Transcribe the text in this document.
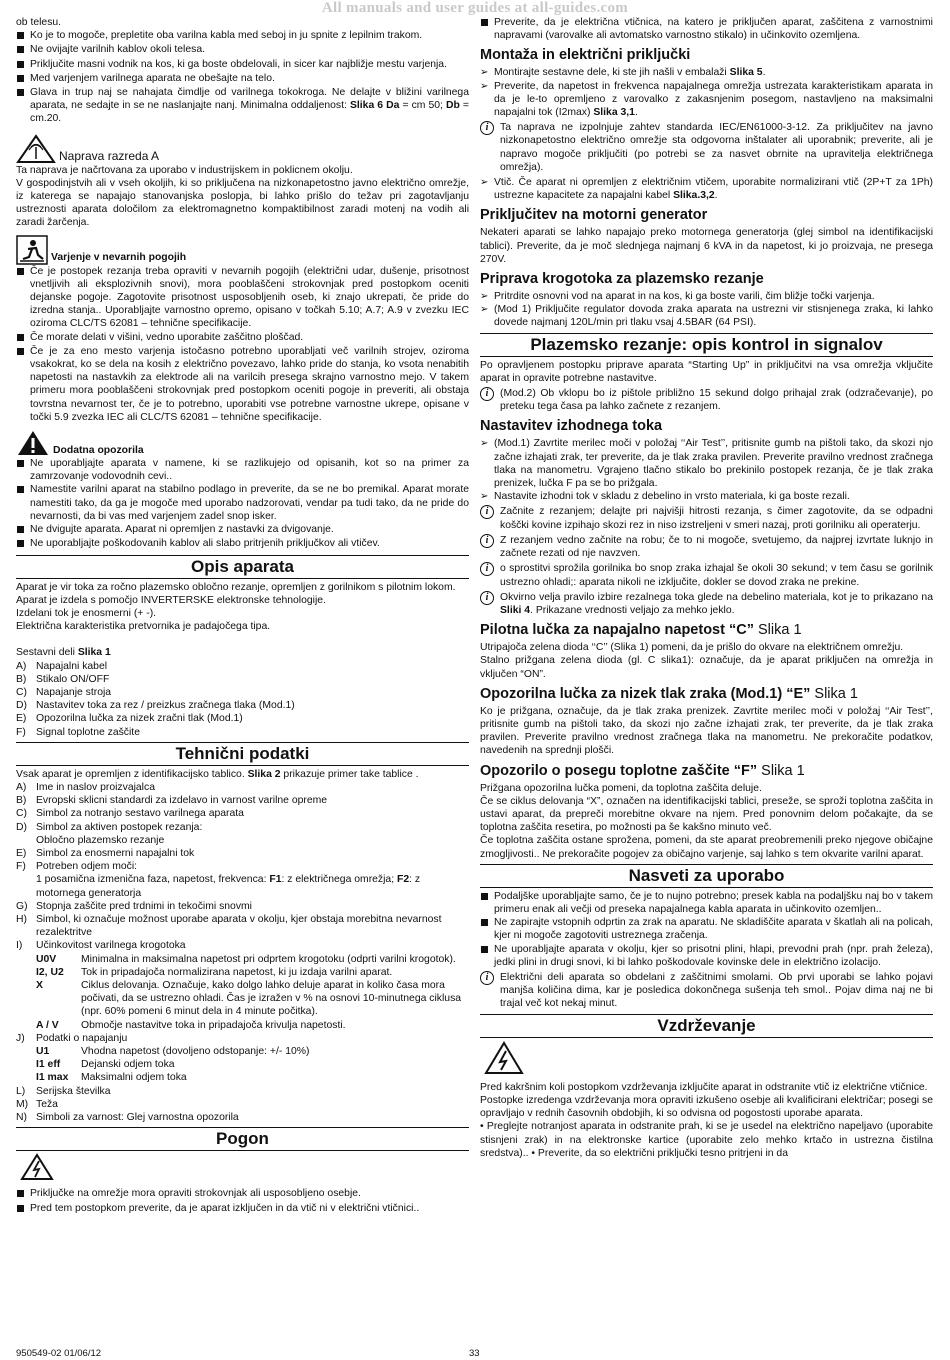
All manuals and user guides at all-guides.com
ob telesu.
Ko je to mogoče, prepletite oba varilna kabla med seboj in ju spnite z lepilnim trakom.
Ne ovijajte varilnih kablov okoli telesa.
Priključite masni vodnik na kos, ki ga boste obdelovali, in sicer kar najbližje mestu varjenja.
Med varjenjem varilnega aparata ne obešajte na telo.
Glava in trup naj se nahajata čimdlje od varilnega tokokroga. Ne delajte v bližini varilnega aparata, ne sedajte in se ne naslanjajte nanj. Minimalna oddaljenost: Slika 6 Da = cm 50; Db = cm.20.
Naprava razreda A
Ta naprava je načrtovana za uporabo v industrijskem in poklicnem okolju.
V gospodinjstvih ali v vseh okoljih, ki so priključena na nizkonapetostno javno električno omrežje, iz katerega se napajajo stanovanjska poslopja, bi lahko prišlo do težav pri zagotavljanju ustreznosti aparata določilom za elektromagnetno kompaktibilnost zaradi motenj na vodih ali zaradi žarčenja.
Varjenje v nevarnih pogojih
Če je postopek rezanja treba opraviti v nevarnih pogojih (električni udar, dušenje, prisotnost vnetljivih ali eksplozivnih snovi), mora pooblaščeni strokovnjak pred postopkom oceniti dejanske pogoje. Zagotovite prisotnost usposobljenih oseb, ki znajo ukrepati, če pride do izredna stanja.. Uporabljajte varnostno opremo, opisano v točkah 5.10; A.7; A.9 v zvezku IEC oziroma CLC/TS 62081 – tehnične specifikacije.
Če morate delati v višini, vedno uporabite zaščitno ploščad.
Če je za eno mesto varjenja istočasno potrebno uporabljati več varilnih strojev, oziroma vsakokrat, ko se dela na kosih z električno povezavo, lahko pride do stanja, ko vsota nenabitih napetosti na nastavkih za elektrode ali na varilcih presega skrajno varnostno mejo. V takem primeru mora pooblaščeni strokovnjak pred postopkom oceniti pogoje in preveriti, ali obstaja tovrstna nevarnost ter, če je to potrebno, uporabiti vse potrebne varnostne ukrepe, opisane v točki 5.9 zvezka IEC ali CLC/TS 62081 – tehnične specifikacije.
Dodatna opozorila
Ne uporabljajte aparata v namene, ki se razlikujejo od opisanih, kot so na primer za zamrzovanje vodovodnih cevi..
Namestite varilni aparat na stabilno podlago in preverite, da se ne bo premikal. Aparat morate namestiti tako, da ga je mogoče med uporabo nadzorovati, vendar pa tudi tako, da ne pride do nevarnosti, da bi vas med varjenjem zadel snop isker.
Ne dvigujte aparata. Aparat ni opremljen z nastavki za dvigovanje.
Ne uporabljajte poškodovanih kablov ali slabo pritrjenih priključkov ali vtičev.
Opis aparata
Aparat je vir toka za ročno plazemsko obločno rezanje, opremljen z gorilnikom s pilotnim lokom.
Aparat je izdela s pomočjo INVERTERSKE elektronske tehnologije.
Izdelani tok je enosmerni (+ -).
Električna karakteristika pretvornika je padajočega tipa.
Sestavni deli Slika 1
A) Napajalni kabel
B) Stikalo ON/OFF
C) Napajanje stroja
D) Nastavitev toka za rez / preizkus zračnega tlaka (Mod.1)
E) Opozorilna lučka za nizek zračni tlak (Mod.1)
F) Signal toplotne zaščite
Tehnični podatki
Vsak aparat je opremljen z identifikacijsko tablico. Slika 2 prikazuje primer take tablice .
A) Ime in naslov proizvajalca
B) Evropski sklicni standardi za izdelavo in varnost varilne opreme
C) Simbol za notranjo sestavo varilnega aparata
D) Simbol za aktiven postopek rezanja:
Obločno plazemsko rezanje
E) Simbol za enosmerni napajalni tok
F) Potreben odjem moči:
1 posamična izmenična faza, napetost, frekvenca: F1: z električnega omrežja; F2: z motornega generatorja
G) Stopnja zaščite pred trdnimi in tekočimi snovmi
H) Simbol, ki označuje možnost uporabe aparata v okolju, kjer obstaja morebitna nevarnost rezalektritve
I)	Učinkovitost varilnega krogotoka
U0V	Minimalna in maksimalna napetost pri odprtem krogotoku (odprti varilni krogotok).
I2, U2	Tok in pripadajoča normalizirana napetost, ki ju izdaja varilni aparat.
X	Ciklus delovanja. Označuje, kako dolgo lahko deluje aparat in koliko časa mora počivati, da se ustrezno ohladi. Čas je izražen v % na osnovi 10-minutnega ciklusa (npr. 60% pomeni 6 minut dela in 4 minute počitka).
A / V	Območje nastavitve toka in pripadajoča krivulja napetosti.
J)	Podatki o napajanju
U1	Vhodna napetost (dovoljeno odstopanje: +/- 10%)
I1 eff	Dejanski odjem toka
I1 max	Maksimalni odjem toka
L)	Serijska številka
M) Teža
N) Simboli za varnost: Glej varnostna opozorila
Pogon
Priključke na omrežje mora opraviti strokovnjak ali usposobljeno osebje.
Pred tem postopkom preverite, da je aparat izključen in da vtič ni v električni vtičnici..
Preverite, da je električna vtičnica, na katero je priključen aparat, zaščitena z varnostnimi napravami (varovalke ali avtomatsko varnostno stikalo) in učinkovito ozemljena.
Montaža in električni priključki
➢ Montirajte sestavne dele, ki ste jih našli v embalaži Slika 5.
➢ Preverite, da napetost in frekvenca napajalnega omrežja ustrezata karakteristikam aparata in da je le-to opremljeno z varovalko z zakasnjenim posegom, nastavljeno na maksimalni napajalni tok (I2max) Slika 3,1.
i	Ta naprava ne izpolnjuje zahtev standarda IEC/EN61000-3-12. Za priključitev na javno nizkonapetostno električno omrežje sta odgovorna inštalater ali uporabnik; preverite, ali je napravo mogoče priključiti (po potrebi se za nasvet obrnite na upravitelja električnega omrežja).
➢ Vtič. Če aparat ni opremljen z električnim vtičem, uporabite normalizirani vtič (2P+T za 1Ph) ustrezne kapacitete za napajalni kabel Slika.3,2.
Priključitev na motorni generator
Nekateri aparati se lahko napajajo preko motornega generatorja (glej simbol na identifikacijski tablici). Preverite, da je moč slednjega najmanj 6 kVA in da napetost, ki jo proizvaja, ne presega 270V.
Priprava krogotoka za plazemsko rezanje
➢ Pritrdite osnovni vod na aparat in na kos, ki ga boste varili, čim bližje točki varjenja.
➢ (Mod 1) Priključite regulator dovoda zraka aparata na ustrezni vir stisnjenega zraka, ki lahko dovede najmanj 120L/min pri tlaku vsaj 4.5BAR (64 PSI).
Plazemsko rezanje: opis kontrol in signalov
Po opravljenem postopku priprave aparata “Starting Up” in priključitvi na vsa omrežja vključite aparat in opravite potrebne nastavitve.
i	(Mod.2) Ob vklopu bo iz pištole približno 15 sekund dolgo prihajal zrak (odzračevanje), po preteku tega časa pa lahko začnete z rezanjem.
Nastavitev izhodnega toka
➢ (Mod.1) Zavrtite merilec moči v položaj ‘‘Air Test’’, pritisnite gumb na pištoli tako, da skozi njo začne izhajati zrak, ter preverite, da je tlak zraka pravilen. Preverite pravilno vrednost zračnega tlaka na manometru. Vgrajeno tlačno stikalo bo prekinilo postopek rezanja, če je tlak zraka prenizek, lučka F pa se bo prižgala.
➢ Nastavite izhodni tok v skladu z debelino in vrsto materiala, ki ga boste rezali.
i	Začnite z rezanjem; delajte pri najvišji hitrosti rezanja, s čimer zagotovite, da se odpadni koščki kovine izpihajo skozi rez in niso izstreljeni v smeri nazaj, proti gorilniku ali operaterju.
i	Z rezanjem vedno začnite na robu; če to ni mogoče, svetujemo, da najprej izvrtate luknjo in začnete rezati od nje navzven.
i	o sprostitvi sprožila gorilnika bo snop zraka izhajal še okoli 30 sekund; v tem času se gorilnik ustrezno ohladi;: aparata nikoli ne izključite, dokler se dovod zraka ne prekine.
i	Okvirno velja pravilo izbire rezalnega toka glede na debelino materiala, kot je to prikazano na Sliki 4. Prikazane vrednosti veljajo za mehko jeklo.
Pilotna lučka za napajalno napetost “C” Slika 1
Utripajoča zelena dioda ‘‘C’’ (Slika 1) pomeni, da je prišlo do okvare na električnem omrežju.
Stalno prižgana zelena dioda (gl. C slika1): označuje, da je aparat priključen na omrežja in vključen “ON”.
Opozorilna lučka za nizek tlak zraka (Mod.1) “E” Slika 1
Ko je prižgana, označuje, da je tlak zraka prenizek. Zavrtite merilec moči v položaj ‘‘Air Test’’, pritisnite gumb na pištoli tako, da skozi njo začne izhajati zrak, ter preverite, da je tlak zraka pravilen. Preverite pravilno vrednost zračnega tlaka na manometru. Ne prekoračite podatkov, navedenih na sprednji plošči.
Opozorilo o posegu toplotne zaščite “F” Slika 1
Prižgana opozorilna lučka pomeni, da toplotna zaščita deluje.
Če se ciklus delovanja “X”, označen na identifikacijski tablici, preseže, se sproži toplotna zaščita in ustavi aparat, da prepreči morebitne okvare na njem. Pred ponovnim delom počakajte, da se toplotna zaščita resetira, po možnosti pa še kakšno minuto več.
Če toplotna zaščita ostane sprožena, pomeni, da ste aparat preobremenili preko njegove običajne zmogljivosti.. Ne prekoračite pogojev za običajno varjenje, saj lahko s tem okvarite varilni aparat.
Nasveti za uporabo
Podaljške uporabljajte samo, če je to nujno potrebno; presek kabla na podaljšku naj bo v takem primeru enak ali večji od preseka napajalnega kabla aparata in učinkovito ozemljen..
Ne zapirajte vstopnih odprtin za zrak na aparatu. Ne skladiščite aparata v škatlah ali na policah, kjer ni mogoče zagotoviti ustreznega zračenja.
Ne uporabljajte aparata v okolju, kjer so prisotni plini, hlapi, prevodni prah (npr. prah železa), jedki plini in drugi snovi, ki bi lahko poškodovale kovinske dele in električno izolacijo.
i	Električni deli aparata so obdelani z zaščitnimi smolami. Ob prvi uporabi se lahko pojavi manjša količina dima, kar je posledica dokončnega sušenja teh smol.. Pojav dima naj ne bi trajal več kot nekaj minut.
Vzdrževanje
Pred kakršnim koli postopkom vzdrževanja izključite aparat in odstranite vtič iz električne vtičnice.
Postopke izredenga vzdrževanja mora opraviti izkušeno osebje ali kvalificirani električar; posegi se opravljajo v rednih časovnih obdobjih, ki so odvisna od pogostosti uporabe aparata.
• Preglejte notranjost aparata in odstranite prah, ki se je usedel na električno napeljavo (uporabite stisnjeni zrak) in na elektronske kartice (uporabite zelo mehko krtačo in ustrezna čistilna sredstva).. • Preverite, da so električni priključki tesno pritrjeni in da
950549-02 01/06/12	33
